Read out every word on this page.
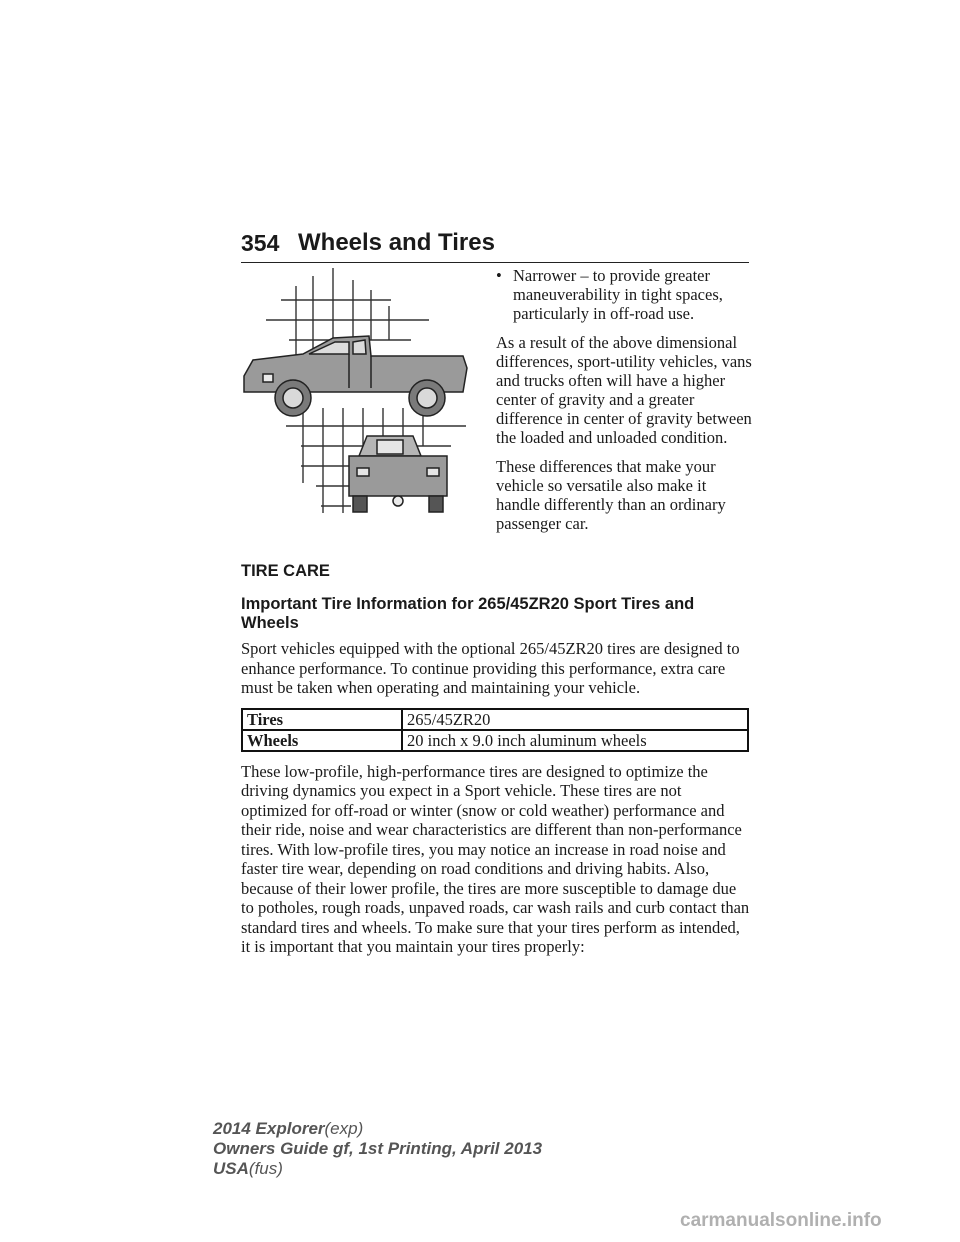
354 Wheels and Tires
• Narrower – to provide greater maneuverability in tight spaces, particularly in off-road use.

As a result of the above dimensional differences, sport-utility vehicles, vans and trucks often will have a higher center of gravity and a greater difference in center of gravity between the loaded and unloaded condition.

These differences that make your vehicle so versatile also make it handle differently than an ordinary passenger car.

TIRE CARE
Important Tire Information for 265/45ZR20 Sport Tires and Wheels

Sport vehicles equipped with the optional 265/45ZR20 tires are designed to enhance performance. To continue providing this performance, extra care must be taken when operating and maintaining your vehicle.

Tires	265/45ZR20
Wheels	20 inch x 9.0 inch aluminum wheels

These low-profile, high-performance tires are designed to optimize the driving dynamics you expect in a Sport vehicle. These tires are not optimized for off-road or winter (snow or cold weather) performance and their ride, noise and wear characteristics are different than non-performance tires. With low-profile tires, you may notice an increase in road noise and faster tire wear, depending on road conditions and driving habits. Also, because of their lower profile, the tires are more susceptible to damage due to potholes, rough roads, unpaved roads, car wash rails and curb contact than standard tires and wheels. To make sure that your tires perform as intended, it is important that you maintain your tires properly:

2014 Explorer(exp)
Owners Guide gf, 1st Printing, April 2013
USA(fus)
carmanualsonline.info
